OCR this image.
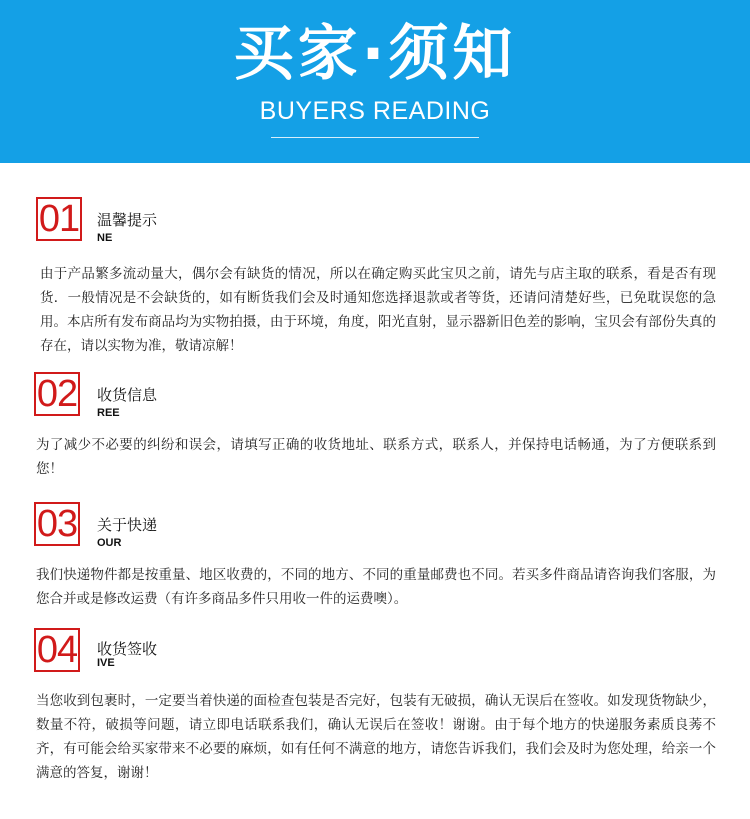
买家·须知
BUYERS READING
01 温馨提示
NE
由于产品繁多流动量大，偶尔会有缺货的情况，所以在确定购买此宝贝之前，请先与店主取的联系，看是否有现货．一般情况是不会缺货的，如有断货我们会及时通知您选择退款或者等货，还请问清楚好些，已免耽误您的急用。本店所有发布商品均为实物拍摄，由于环境，角度，阳光直射，显示器新旧色差的影响，宝贝会有部份失真的存在，请以实物为准，敬请凉解！
02 收货信息
REE
为了减少不必要的纠纷和误会，请填写正确的收货地址、联系方式，联系人，并保持电话畅通，为了方便联系到您！
03 关于快递
OUR
我们快递物件都是按重量、地区收费的，不同的地方、不同的重量邮费也不同。若买多件商品请咨询我们客服，为您合并或是修改运费（有许多商品多件只用收一件的运费噢）。
04 收货签收
IVE
当您收到包裹时，一定要当着快递的面检查包装是否完好，包装有无破损，确认无误后在签收。如发现货物缺少，数量不符，破损等问题，请立即电话联系我们，确认无误后在签收！谢谢。由于每个地方的快递服务素质良莠不齐，有可能会给买家带来不必要的麻烦，如有任何不满意的地方，请您告诉我们，我们会及时为您处理，给亲一个满意的答复，谢谢！
